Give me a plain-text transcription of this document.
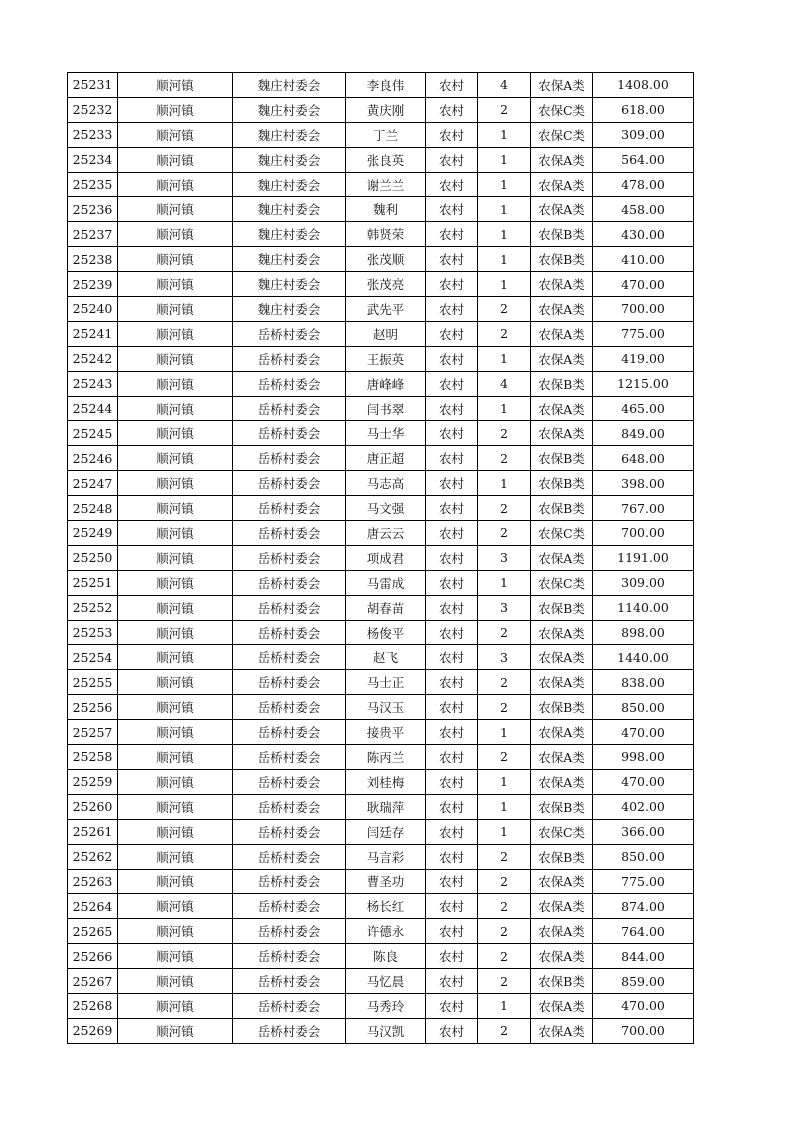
25231	顺河镇	魏庄村委会	李良伟	农村	4	农保A类	1408.00
25232	顺河镇	魏庄村委会	黄庆刚	农村	2	农保C类	618.00
25233	顺河镇	魏庄村委会	丁兰	农村	1	农保C类	309.00
25234	顺河镇	魏庄村委会	张良英	农村	1	农保A类	564.00
25235	顺河镇	魏庄村委会	谢兰兰	农村	1	农保A类	478.00
25236	顺河镇	魏庄村委会	魏利	农村	1	农保A类	458.00
25237	顺河镇	魏庄村委会	韩贤荣	农村	1	农保B类	430.00
25238	顺河镇	魏庄村委会	张茂顺	农村	1	农保B类	410.00
25239	顺河镇	魏庄村委会	张茂亮	农村	1	农保A类	470.00
25240	顺河镇	魏庄村委会	武先平	农村	2	农保A类	700.00
25241	顺河镇	岳桥村委会	赵明	农村	2	农保A类	775.00
25242	顺河镇	岳桥村委会	王振英	农村	1	农保A类	419.00
25243	顺河镇	岳桥村委会	唐峰峰	农村	4	农保B类	1215.00
25244	顺河镇	岳桥村委会	闫书翠	农村	1	农保A类	465.00
25245	顺河镇	岳桥村委会	马士华	农村	2	农保A类	849.00
25246	顺河镇	岳桥村委会	唐正超	农村	2	农保B类	648.00
25247	顺河镇	岳桥村委会	马志高	农村	1	农保B类	398.00
25248	顺河镇	岳桥村委会	马文强	农村	2	农保B类	767.00
25249	顺河镇	岳桥村委会	唐云云	农村	2	农保C类	700.00
25250	顺河镇	岳桥村委会	项成君	农村	3	农保A类	1191.00
25251	顺河镇	岳桥村委会	马雷成	农村	1	农保C类	309.00
25252	顺河镇	岳桥村委会	胡春苗	农村	3	农保B类	1140.00
25253	顺河镇	岳桥村委会	杨俊平	农村	2	农保A类	898.00
25254	顺河镇	岳桥村委会	赵飞	农村	3	农保A类	1440.00
25255	顺河镇	岳桥村委会	马士正	农村	2	农保A类	838.00
25256	顺河镇	岳桥村委会	马汉玉	农村	2	农保B类	850.00
25257	顺河镇	岳桥村委会	接贵平	农村	1	农保A类	470.00
25258	顺河镇	岳桥村委会	陈丙兰	农村	2	农保A类	998.00
25259	顺河镇	岳桥村委会	刘桂梅	农村	1	农保A类	470.00
25260	顺河镇	岳桥村委会	耿瑞萍	农村	1	农保B类	402.00
25261	顺河镇	岳桥村委会	闫廷存	农村	1	农保C类	366.00
25262	顺河镇	岳桥村委会	马言彩	农村	2	农保B类	850.00
25263	顺河镇	岳桥村委会	曹圣功	农村	2	农保A类	775.00
25264	顺河镇	岳桥村委会	杨长红	农村	2	农保A类	874.00
25265	顺河镇	岳桥村委会	许德永	农村	2	农保A类	764.00
25266	顺河镇	岳桥村委会	陈良	农村	2	农保A类	844.00
25267	顺河镇	岳桥村委会	马忆晨	农村	2	农保B类	859.00
25268	顺河镇	岳桥村委会	马秀玲	农村	1	农保A类	470.00
25269	顺河镇	岳桥村委会	马汉凯	农村	2	农保A类	700.00
